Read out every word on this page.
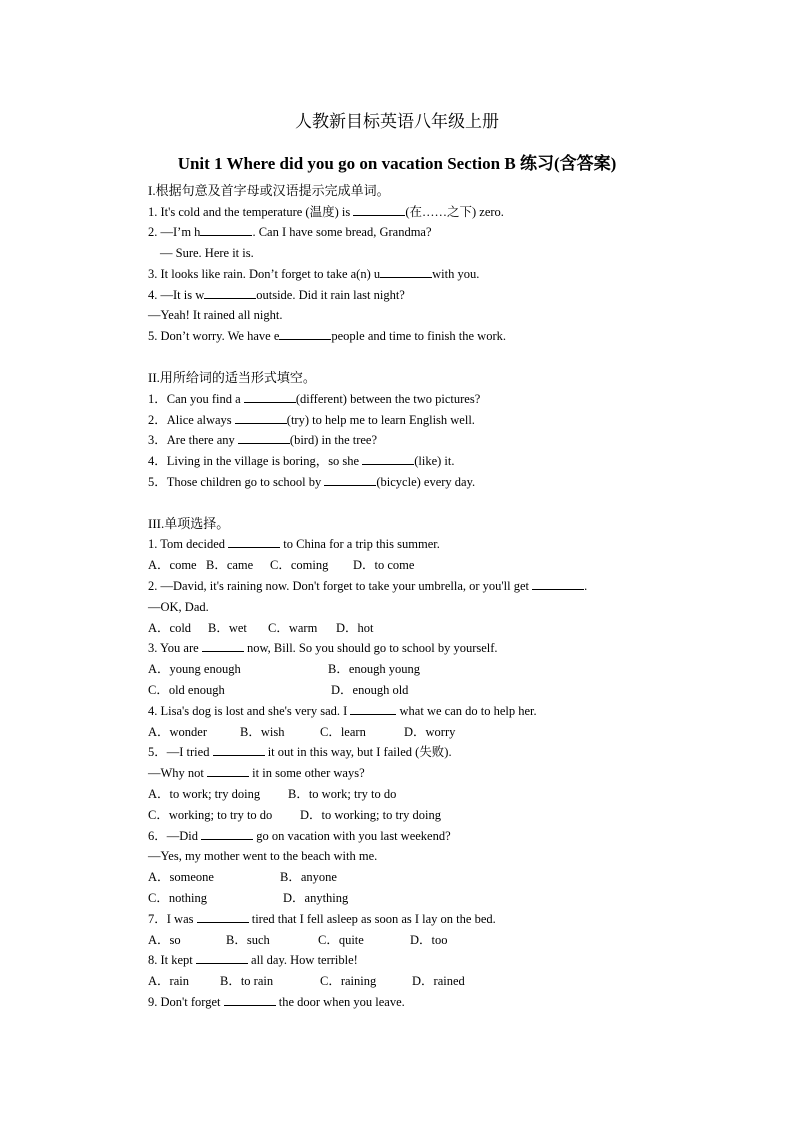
人教新目标英语八年级上册
Unit 1 Where did you go on vacation Section B 练习(含答案)
I.根据句意及首字母或汉语提示完成单词。
1. It's cold and the temperature (温度) is	(在……之下) zero.
2. —I’m h	. Can I have some bread, Grandma?
— Sure. Here it is.
3. It looks like rain. Don’t forget to take a(n) u	with you.
4. —It is w	outside. Did it rain last night?
—Yeah! It rained all night.
5. Don’t worry. We have e	people and time to finish the work.
II.用所给词的适当形式填空。
1．Can you find a	(different) between the two pictures?
2．Alice always	(try) to help me to learn English well.
3．Are there any	(bird) in the tree?
4．Living in the village is boring，so she	(like) it.
5．Those children go to school by	(bicycle) every day.
III.单项选择。
1. Tom decided	to China for a trip this summer.
A．come B．came C．coming D．to come
2. —David, it's raining now. Don't forget to take your umbrella, or you'll get	.
—OK, Dad.
A．cold B．wet C．warm D．hot
3. You are	now, Bill. So you should go to school by yourself.
A．young enough	B．enough young
C．old enough	D．enough old
4. Lisa's dog is lost and she's very sad. I	what we can do to help her.
A．wonder	B．wish	C．learn	D．worry
5．—I tried	it out in this way, but I failed (失败).
—Why not	it in some other ways?
A．to work; try doing B．to work; try to do
C．working; to try to do D．to working; to try doing
6．—Did	go on vacation with you last weekend?
—Yes, my mother went to the beach with me.
A．someone	B．anyone
C．nothing	D．anything
7．I was	tired that I fell asleep as soon as I lay on the bed.
A．so	B．such	C．quite	D．too
8. It kept	all day. How terrible!
A．rain B．to rain	C．raining	D．rained
9. Don't forget	the door when you leave.
